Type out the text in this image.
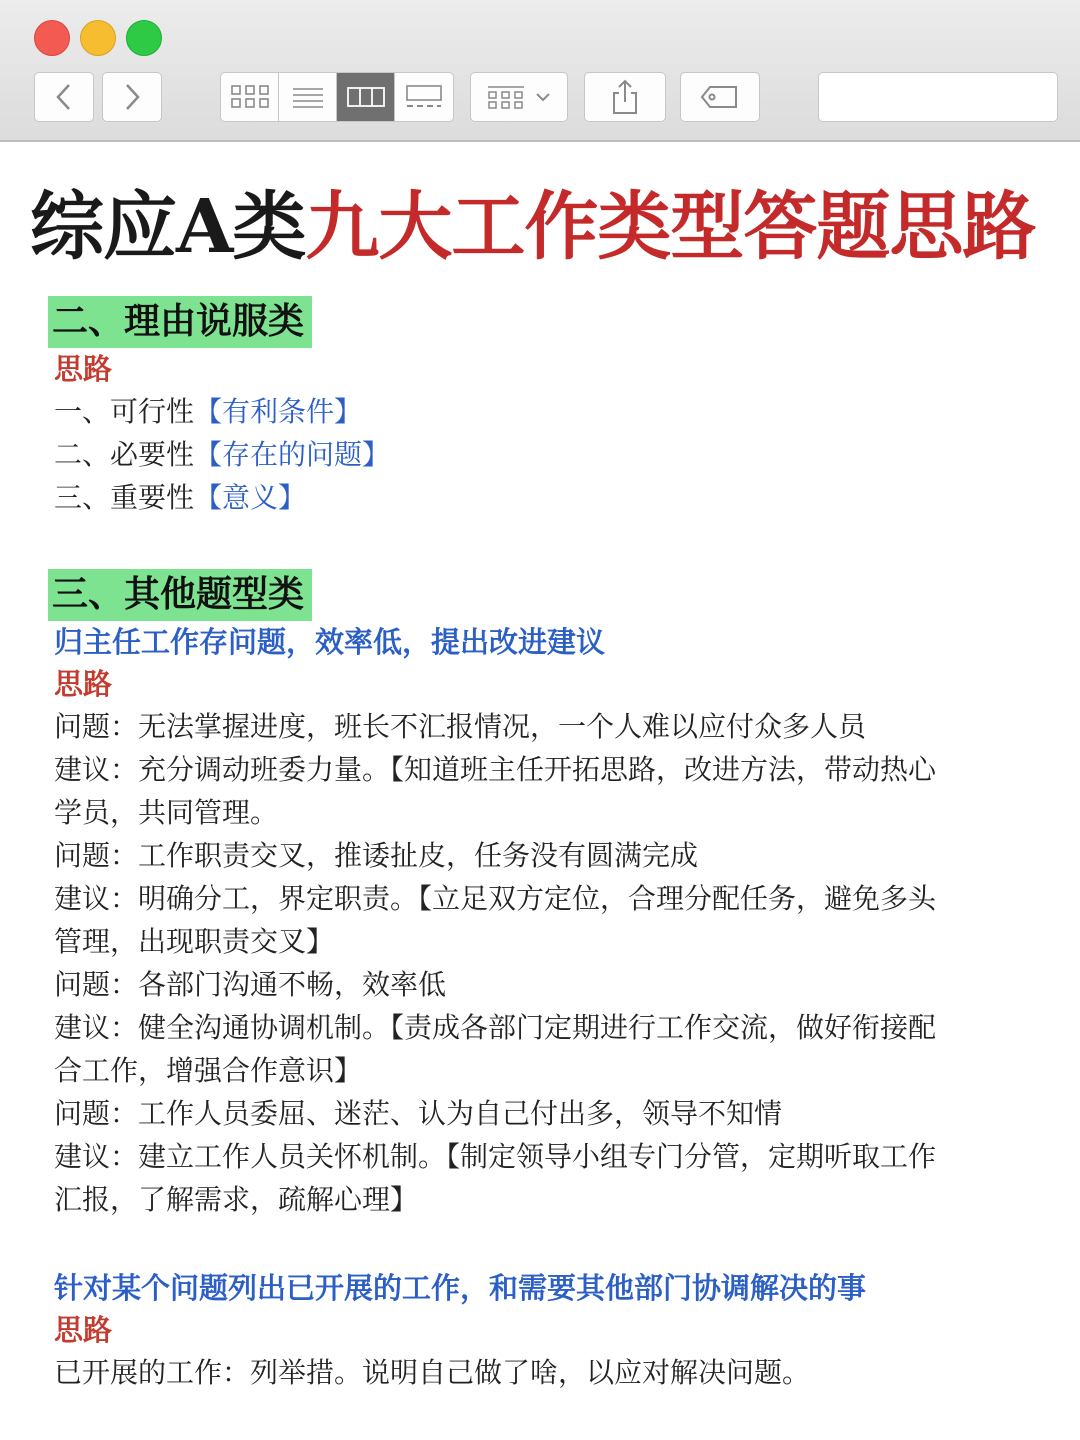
综应A类九大工作类型答题思路
二、理由说服类
思路
一、可行性【有利条件】
二、必要性【存在的问题】
三、重要性【意义】
三、其他题型类
归主任工作存问题，效率低，提出改进建议
思路
问题：无法掌握进度，班长不汇报情况，一个人难以应付众多人员
建议：充分调动班委力量。【知道班主任开拓思路，改进方法，带动热心
学员，共同管理。
问题：工作职责交叉，推诿扯皮，任务没有圆满完成
建议：明确分工，界定职责。【立足双方定位，合理分配任务，避免多头
管理，出现职责交叉】
问题：各部门沟通不畅，效率低
建议：健全沟通协调机制。【责成各部门定期进行工作交流，做好衔接配
合工作，增强合作意识】
问题：工作人员委屈、迷茫、认为自己付出多，领导不知情
建议：建立工作人员关怀机制。【制定领导小组专门分管，定期听取工作
汇报，了解需求，疏解心理】
针对某个问题列出已开展的工作，和需要其他部门协调解决的事
思路
已开展的工作：列举措。说明自己做了啥，以应对解决问题。
